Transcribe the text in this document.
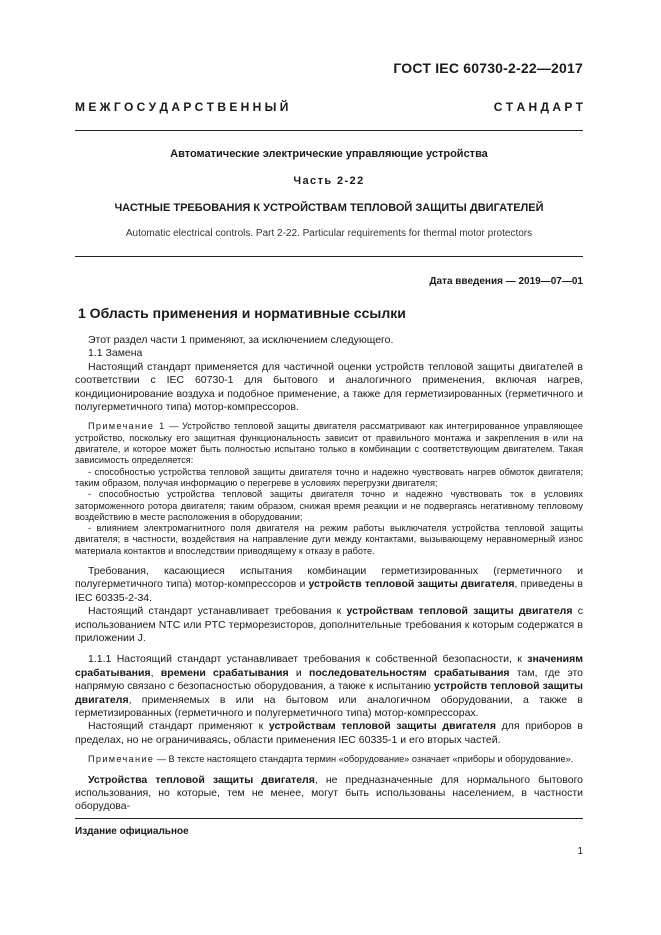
ГОСТ IEC 60730-2-22—2017
М Е Ж Г О С У Д А Р С Т В Е Н Н Ы Й	С Т А Н Д А Р Т
Автоматические электрические управляющие устройства
Часть 2-22
ЧАСТНЫЕ ТРЕБОВАНИЯ К УСТРОЙСТВАМ ТЕПЛОВОЙ ЗАЩИТЫ ДВИГАТЕЛЕЙ
Automatic electrical controls. Part 2-22. Particular requirements for thermal motor protectors
Дата введения — 2019—07—01
1 Область применения и нормативные ссылки

Этот раздел части 1 применяют, за исключением следующего.

1.1 Замена

Настоящий стандарт применяется для частичной оценки устройств тепловой защиты двигателей в соответствии с IEC 60730-1 для бытового и аналогичного применения, включая нагрев, кондиционирование воздуха и подобное применение, а также для герметизированных (герметичного и полугерметичного типа) мотор-компрессоров.

Примечание 1 — Устройство тепловой защиты двигателя рассматривают как интегрированное управляющее устройство, поскольку его защитная функциональность зависит от правильного монтажа и закрепления в или на двигателе, и которое может быть полностью испытано только в комбинации с соответствующим двигателем. Такая зависимость определяется:

- способностью устройства тепловой защиты двигателя точно и надежно чувствовать нагрев обмоток двигателя; таким образом, получая информацию о перегреве в условиях перегрузки двигателя;

- способностью устройства тепловой защиты двигателя точно и надежно чувствовать ток в условиях заторможенного ротора двигателя; таким образом, снижая время реакции и не подвергаясь негативному тепловому воздействию в месте расположения в оборудовании;

- влиянием электромагнитного поля двигателя на режим работы выключателя устройства тепловой защиты двигателя; в частности, воздействия на направление дуги между контактами, вызывающему неравномерный износ материала контактов и впоследствии приводящему к отказу в работе.

Требования, касающиеся испытания комбинации герметизированных (герметичного и полугерметичного типа) мотор-компрессоров и устройств тепловой защиты двигателя, приведены в IEC 60335-2-34.

Настоящий стандарт устанавливает требования к устройствам тепловой защиты двигателя с использованием NTC или PTC терморезисторов, дополнительные требования к которым содержатся в приложении J.

1.1.1 Настоящий стандарт устанавливает требования к собственной безопасности, к значениям срабатывания, времени срабатывания и последовательностям срабатывания там, где это напрямую связано с безопасностью оборудования, а также к испытанию устройств тепловой защиты двигателя, применяемых в или на бытовом или аналогичном оборудовании, а также в герметизированных (герметичного и полугерметичного типа) мотор-компрессорах.

Настоящий стандарт применяют к устройствам тепловой защиты двигателя для приборов в пределах, но не ограничиваясь, области применения IEC 60335-1 и его вторых частей.

Примечание — В тексте настоящего стандарта термин «оборудование» означает «приборы и оборудование».

Устройства тепловой защиты двигателя, не предназначенные для нормального бытового использования, но которые, тем не менее, могут быть использованы населением, в частности оборудова-

Издание официальное
1
